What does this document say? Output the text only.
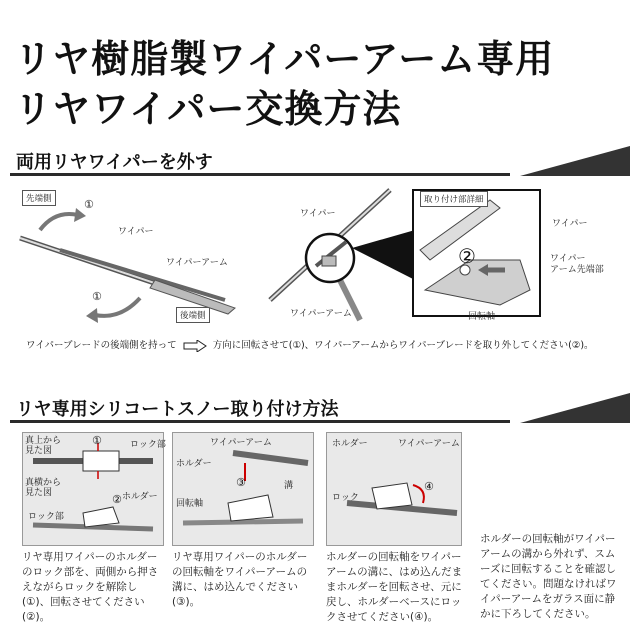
リヤ樹脂製ワイパーアーム専用
リヤワイパー交換方法
両用リヤワイパーを外す
先端側
後端側
ワイパー
ワイパーアーム
①
①
取り付け部詳細
ワイパー
ワイパー
アーム先端部
②
回転軸
ワイパー
ワイパーアーム
ワイパーブレードの後端側を持って	方向に回転させて(①)、ワイパーアームからワイパーブレードを取り外してください(②)。
リヤ専用シリコートスノー取り付け方法
真上から
見た図
真横から
見た図
ロック部
ホルダー
ロック部
①
②
ワイパーアーム
ホルダー
溝
回転軸
③
ホルダー	ワイパーアーム
ロック
④
リヤ専用ワイパーのホルダーのロック部を、両側から押さえながらロックを解除し(①)、回転させてください(②)。
リヤ専用ワイパーのホルダーの回転軸をワイパーアームの溝に、はめ込んでください(③)。
ホルダーの回転軸をワイパーアームの溝に、はめ込んだままホルダーを回転させ、元に戻し、ホルダーベースにロックさせてください(④)。
ホルダーの回転軸がワイパーアームの溝から外れず、スムーズに回転することを確認してください。問題なければワイパーアームをガラス面に静かに下ろしてください。
